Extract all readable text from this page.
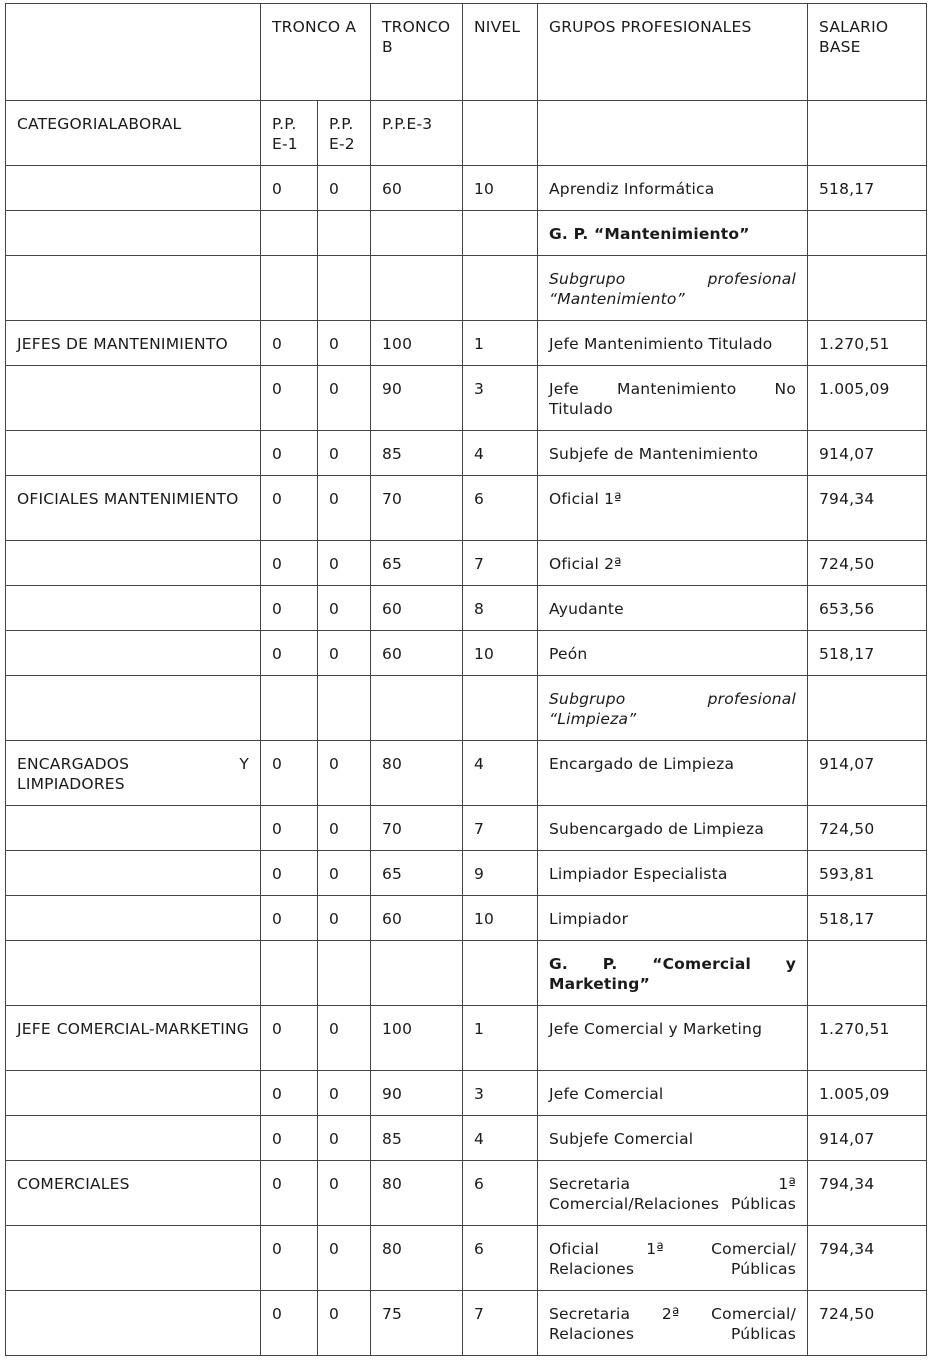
	TRONCO A		TRONCO B	NIVEL	GRUPOS PROFESIONALES	SALARIO BASE
CATEGORIALABORAL	P.P. E-1	P.P. E-2	P.P.E-3			
	0	0	60	10	Aprendiz Informática	518,17
					G. P. “Mantenimiento”	
					Subgrupo profesional “Mantenimiento”	
JEFES DE MANTENIMIENTO	0	0	100	1	Jefe Mantenimiento Titulado	1.270,51
	0	0	90	3	Jefe Mantenimiento No Titulado	1.005,09
	0	0	85	4	Subjefe de Mantenimiento	914,07
OFICIALES MANTENIMIENTO	0	0	70	6	Oficial 1ª	794,34
	0	0	65	7	Oficial 2ª	724,50
	0	0	60	8	Ayudante	653,56
	0	0	60	10	Peón	518,17
					Subgrupo profesional “Limpieza”	
ENCARGADOS Y LIMPIADORES	0	0	80	4	Encargado de Limpieza	914,07
	0	0	70	7	Subencargado de Limpieza	724,50
	0	0	65	9	Limpiador Especialista	593,81
	0	0	60	10	Limpiador	518,17
					G. P. “Comercial y Marketing”	
JEFE COMERCIAL-MARKETING	0	0	100	1	Jefe Comercial y Marketing	1.270,51
	0	0	90	3	Jefe Comercial	1.005,09
	0	0	85	4	Subjefe Comercial	914,07
COMERCIALES	0	0	80	6	Secretaria 1ª Comercial/Relaciones Públicas	794,34
	0	0	80	6	Oficial 1ª Comercial/ Relaciones Públicas	794,34
	0	0	75	7	Secretaria 2ª Comercial/ Relaciones Públicas	724,50
